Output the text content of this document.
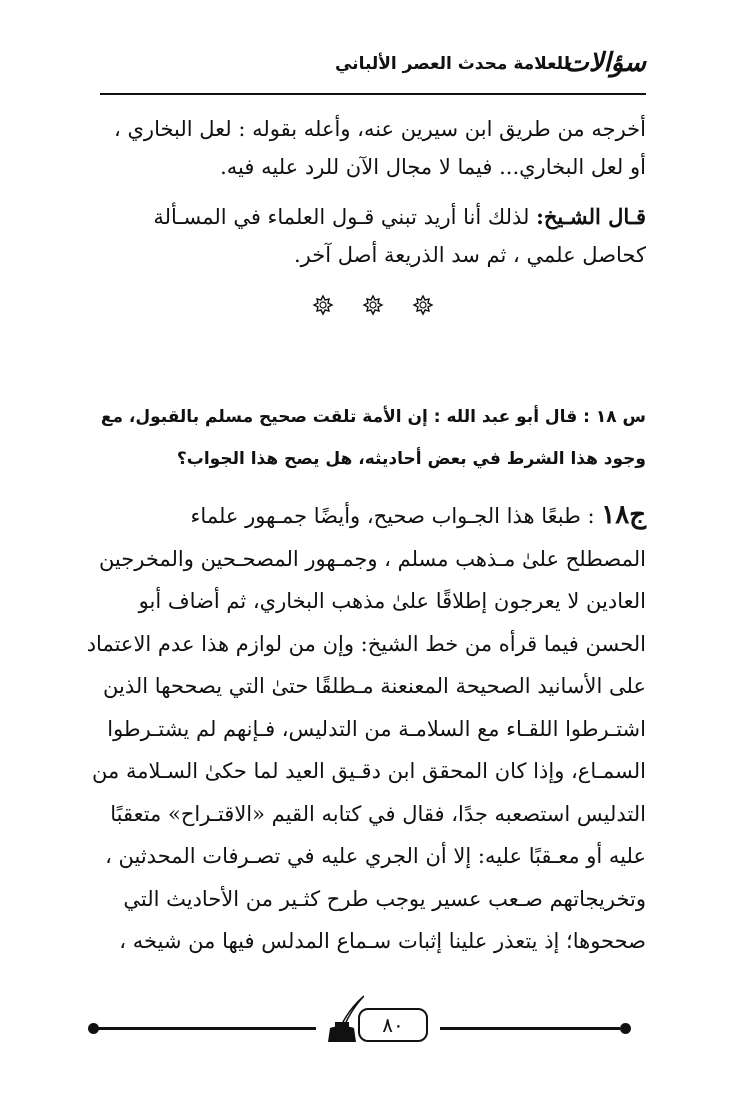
سؤالات
للعلامة محدث العصر الألباني
أخرجه من طريق ابن سيرين عنه، وأعله بقوله : لعل البخاري ،
أو لعل البخاري... فيما لا مجال الآن للرد عليه فيه.
قـال الشـيخ: لذلك أنا أريد تبني قـول العلماء في المسـألة
كحاصل علمي ، ثم سد الذريعة أصل آخر.
س ١٨ : قال أبو عبد الله : إن الأمة تلقت صحيح مسلم بالقبول، مع
وجود هذا الشرط في بعض أحاديثه، هل يصح هذا الجواب؟
ج١٨ : طبعًا هذا الجـواب صحيح، وأيضًا جمـهور علماء
المصطلح علىٰ مـذهب مسلم ، وجمـهور المصحـحين والمخرجين
العادين لا يعرجون إطلاقًا علىٰ مذهب البخاري، ثم أضاف أبو
الحسن فيما قرأه من خط الشيخ: وإن من لوازم هذا عدم الاعتماد
على الأسانيد الصحيحة المعنعنة مـطلقًا حتىٰ التي يصححها الذين
اشتـرطوا اللقـاء مع السلامـة من التدليس، فـإنهم لم يشتـرطوا
السمـاع، وإذا كان المحقق ابن دقـيق العيد لما حكىٰ السـلامة من
التدليس استصعبه جدًا، فقال في كتابه القيم «الاقتـراح» متعقبًا
عليه أو معـقبًا عليه: إلا أن الجري عليه في تصـرفات المحدثين ،
وتخريجاتهم صـعب عسير يوجب طرح كثـير من الأحاديث التي
صححوها؛ إذ يتعذر علينا إثبات سـماع المدلس فيها من شيخه ،
٨٠
